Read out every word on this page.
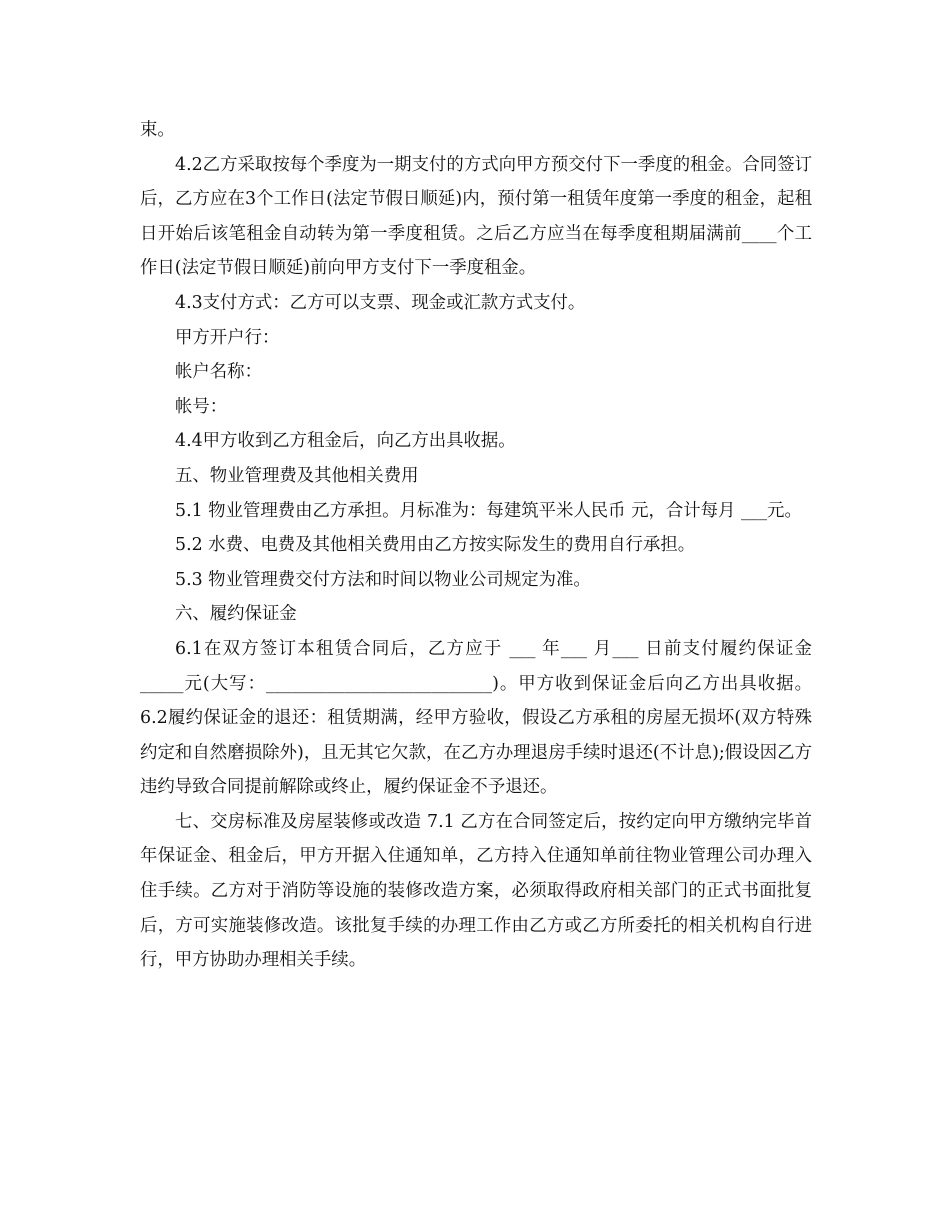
束。

4.2乙方采取按每个季度为一期支付的方式向甲方预交付下一季度的租金。合同签订后，乙方应在3个工作日(法定节假日顺延)内，预付第一租赁年度第一季度的租金，起租日开始后该笔租金自动转为第一季度租赁。之后乙方应当在每季度租期届满前____个工作日(法定节假日顺延)前向甲方支付下一季度租金。

4.3支付方式：乙方可以支票、现金或汇款方式支付。

甲方开户行：

帐户名称：

帐号：

4.4甲方收到乙方租金后，向乙方出具收据。

五、物业管理费及其他相关费用

5.1 物业管理费由乙方承担。月标准为：每建筑平米人民币 元，合计每月 ___元。

5.2 水费、电费及其他相关费用由乙方按实际发生的费用自行承担。

5.3 物业管理费交付方法和时间以物业公司规定为准。

六、履约保证金

6.1在双方签订本租赁合同后，乙方应于 ___ 年___ 月___ 日前支付履约保证金_____元(大写：__________________________)。甲方收到保证金后向乙方出具收据。 6.2履约保证金的退还：租赁期满，经甲方验收，假设乙方承租的房屋无损坏(双方特殊约定和自然磨损除外)，且无其它欠款，在乙方办理退房手续时退还(不计息);假设因乙方违约导致合同提前解除或终止，履约保证金不予退还。

七、交房标准及房屋装修或改造 7.1 乙方在合同签定后，按约定向甲方缴纳完毕首年保证金、租金后，甲方开据入住通知单，乙方持入住通知单前往物业管理公司办理入住手续。乙方对于消防等设施的装修改造方案，必须取得政府相关部门的正式书面批复后，方可实施装修改造。该批复手续的办理工作由乙方或乙方所委托的相关机构自行进行，甲方协助办理相关手续。
